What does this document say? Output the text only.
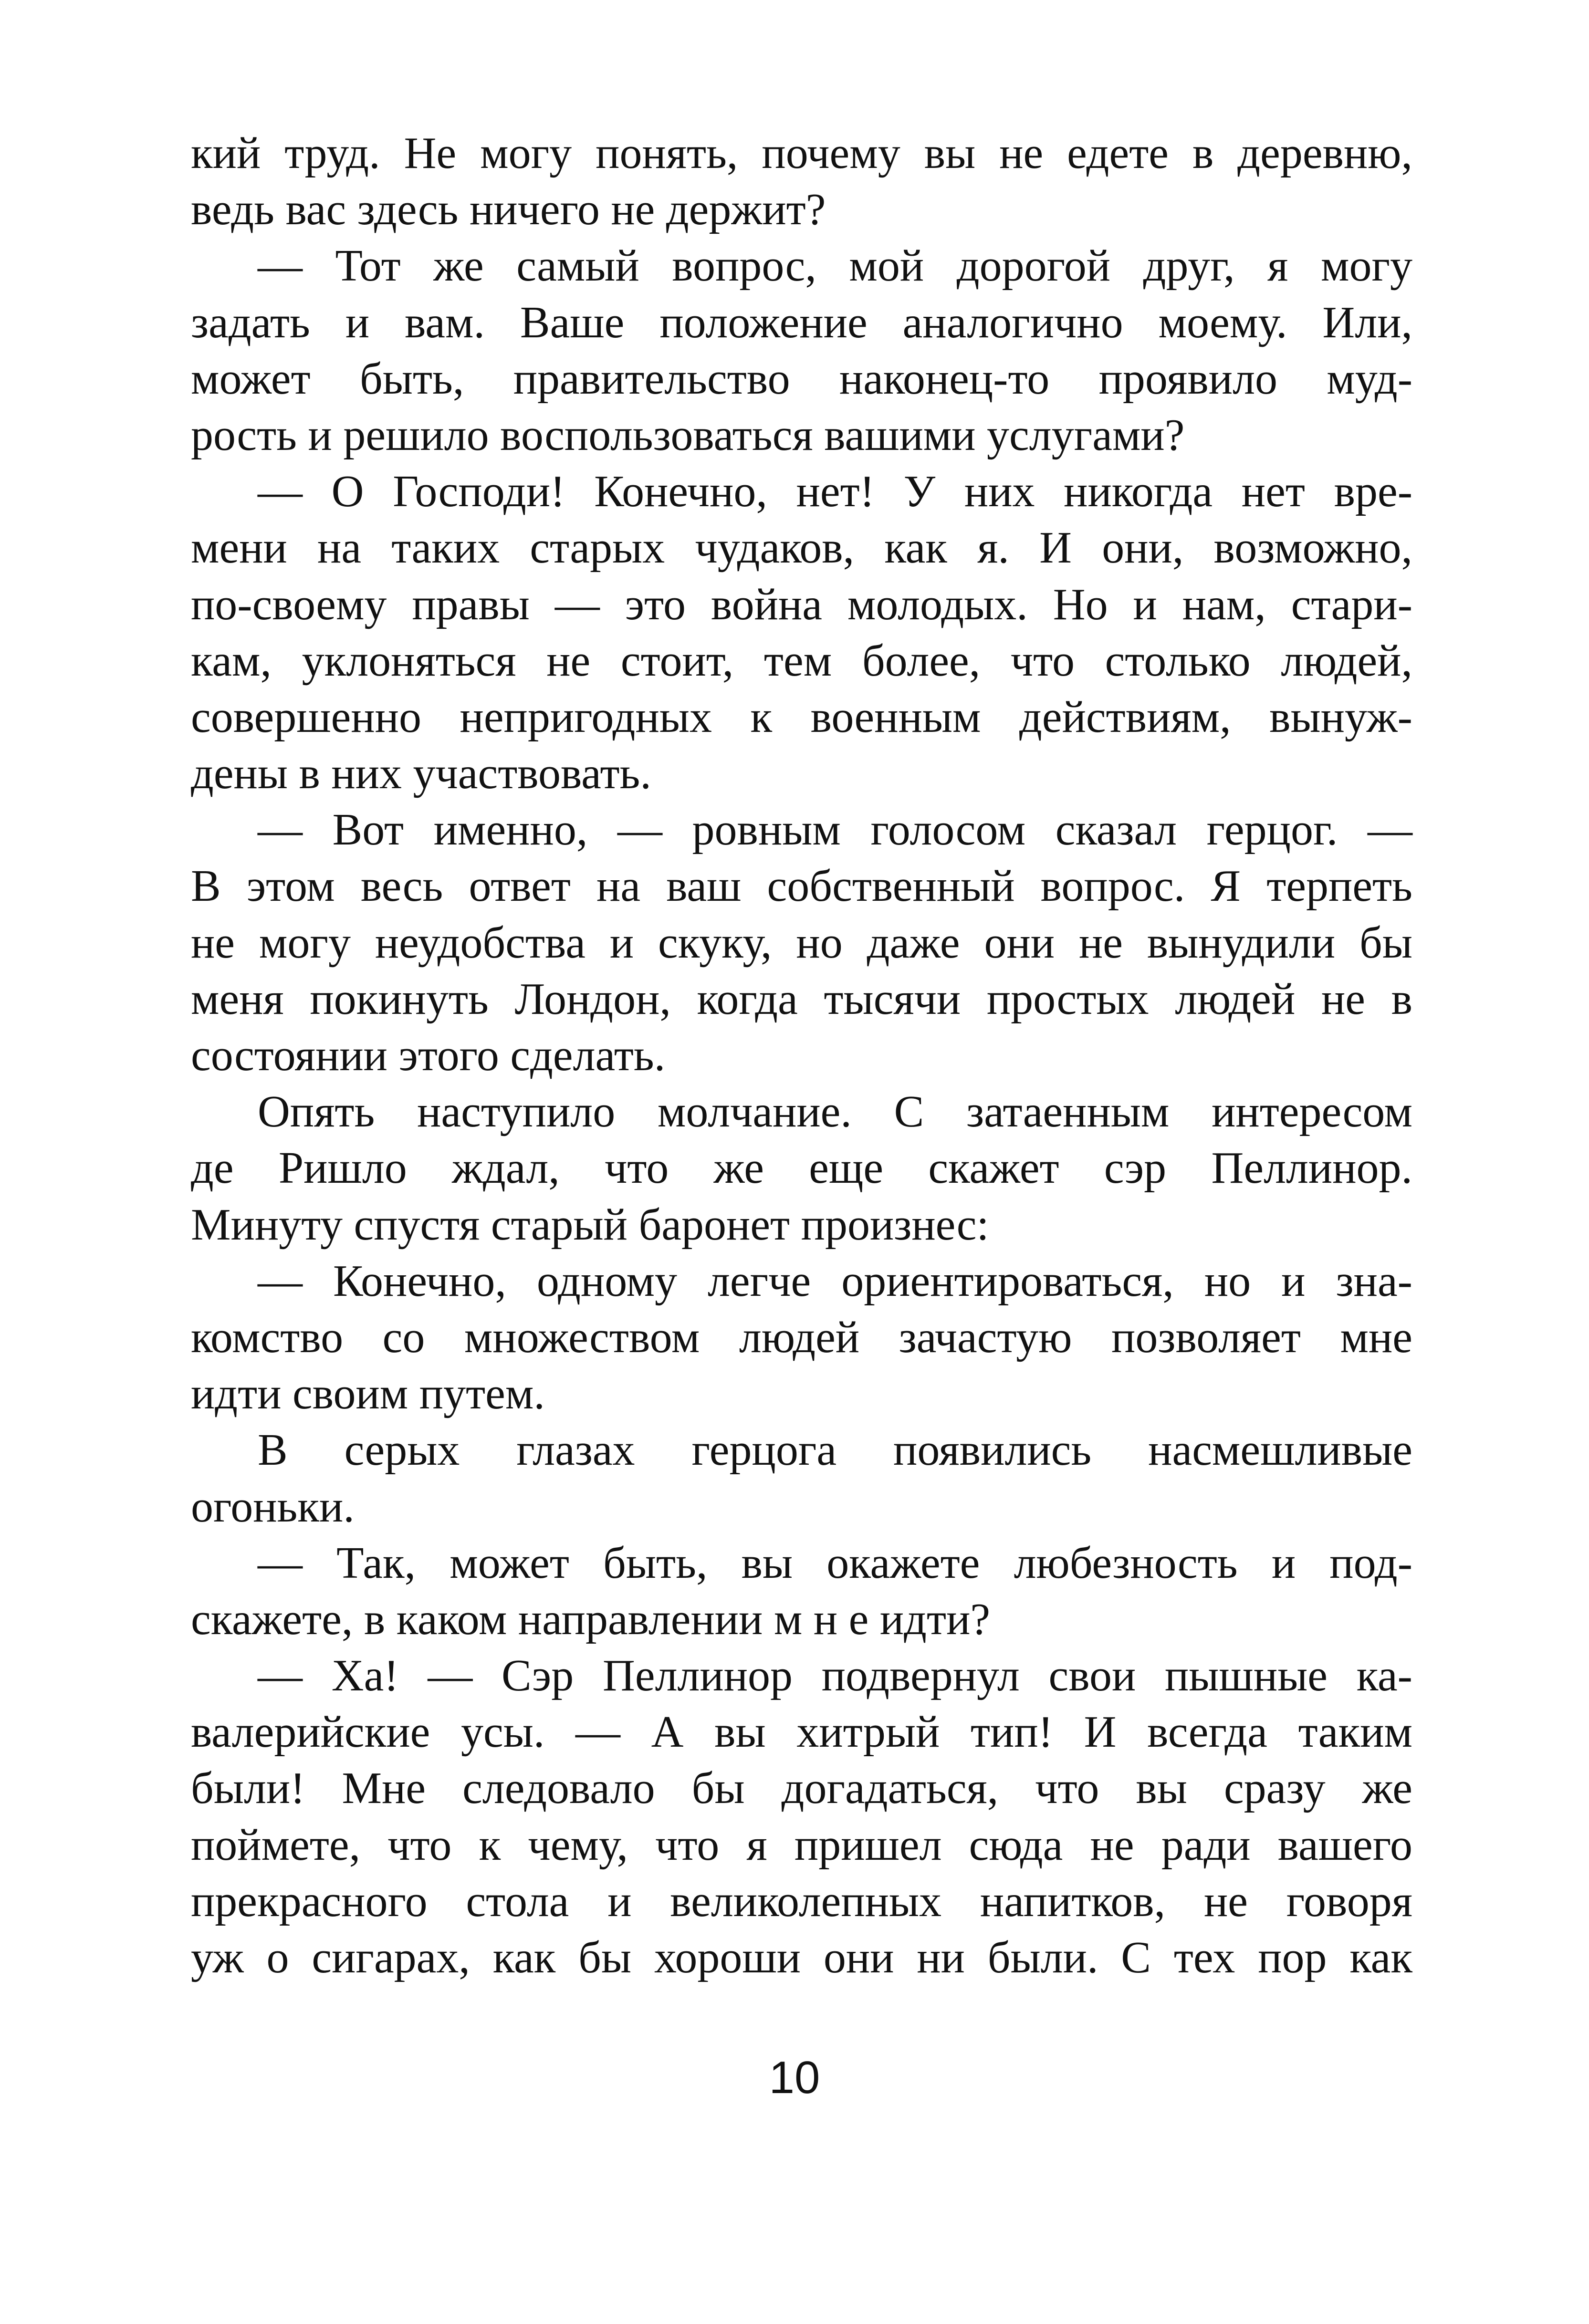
кий труд. Не могу понять, почему вы не едете в деревню,
ведь вас здесь ничего не держит?
— Тот же самый вопрос, мой дорогой друг, я могу
задать и вам. Ваше положение аналогично моему. Или,
может быть, правительство наконец-то проявило муд-
рость и решило воспользоваться вашими услугами?
— О Господи! Конечно, нет! У них никогда нет вре-
мени на таких старых чудаков, как я. И они, возможно,
по-своему правы — это война молодых. Но и нам, стари-
кам, уклоняться не стоит, тем более, что столько людей,
совершенно непригодных к военным действиям, вынуж-
дены в них участвовать.
— Вот именно, — ровным голосом сказал герцог. —
В этом весь ответ на ваш собственный вопрос. Я терпеть
не могу неудобства и скуку, но даже они не вынудили бы
меня покинуть Лондон, когда тысячи простых людей не в
состоянии этого сделать.
Опять наступило молчание. С затаенным интересом
де Ришло ждал, что же еще скажет сэр Пеллинор.
Минуту спустя старый баронет произнес:
— Конечно, одному легче ориентироваться, но и зна-
комство со множеством людей зачастую позволяет мне
идти своим путем.
В серых глазах герцога появились насмешливые
огоньки.
— Так, может быть, вы окажете любезность и под-
скажете, в каком направлении м н е идти?
— Ха! — Сэр Пеллинор подвернул свои пышные ка-
валерийские усы. — А вы хитрый тип! И всегда таким
были! Мне следовало бы догадаться, что вы сразу же
поймете, что к чему, что я пришел сюда не ради вашего
прекрасного стола и великолепных напитков, не говоря
уж о сигарах, как бы хороши они ни были. С тех пор как
10
